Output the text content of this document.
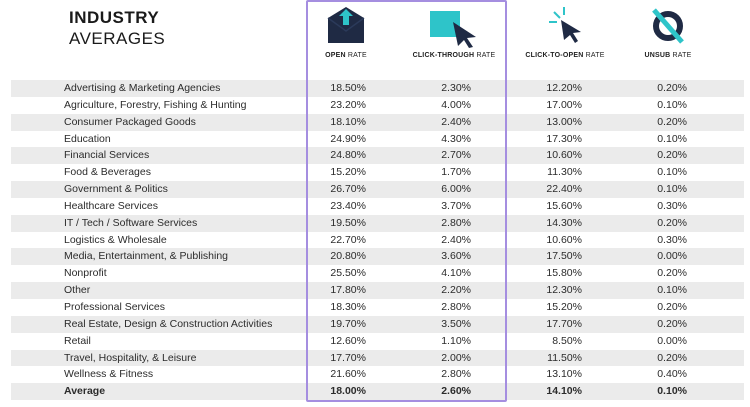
INDUSTRY
AVERAGES
OPEN RATE	CLICK-THROUGH RATE	CLICK-TO-OPEN RATE	UNSUB RATE
Advertising & Marketing Agencies	18.50%	2.30%	12.20%	0.20%
Agriculture, Forestry, Fishing & Hunting	23.20%	4.00%	17.00%	0.10%
Consumer Packaged Goods	18.10%	2.40%	13.00%	0.20%
Education	24.90%	4.30%	17.30%	0.10%
Financial Services	24.80%	2.70%	10.60%	0.20%
Food & Beverages	15.20%	1.70%	11.30%	0.10%
Government & Politics	26.70%	6.00%	22.40%	0.10%
Healthcare Services	23.40%	3.70%	15.60%	0.30%
IT / Tech / Software Services	19.50%	2.80%	14.30%	0.20%
Logistics & Wholesale	22.70%	2.40%	10.60%	0.30%
Media, Entertainment, & Publishing	20.80%	3.60%	17.50%	0.00%
Nonprofit	25.50%	4.10%	15.80%	0.20%
Other	17.80%	2.20%	12.30%	0.10%
Professional Services	18.30%	2.80%	15.20%	0.20%
Real Estate, Design & Construction Activities	19.70%	3.50%	17.70%	0.20%
Retail	12.60%	1.10%	8.50%	0.00%
Travel, Hospitality, & Leisure	17.70%	2.00%	11.50%	0.20%
Wellness & Fitness	21.60%	2.80%	13.10%	0.40%
Average	18.00%	2.60%	14.10%	0.10%
